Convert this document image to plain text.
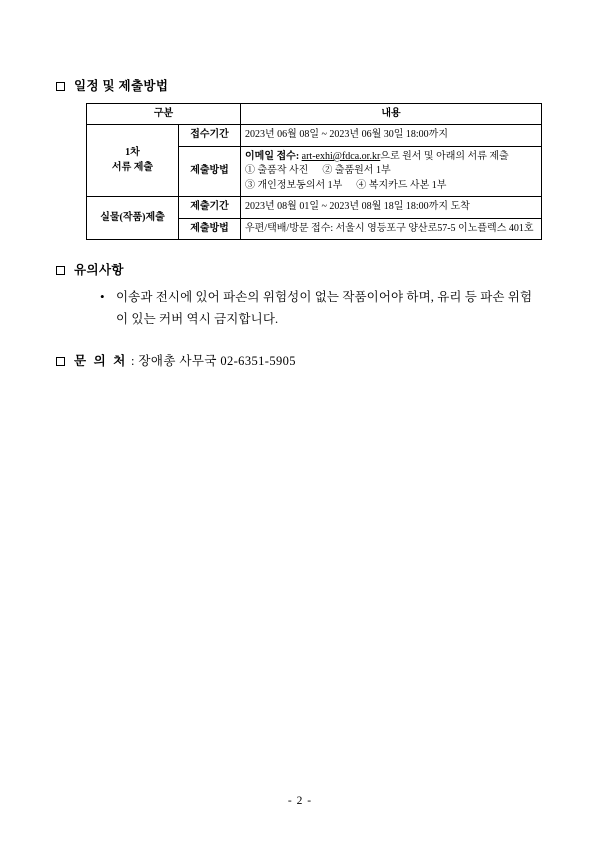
일정 및 제출방법
구분		내용

1차
서류 제출	접수기간	2023년 06월 08일 ~ 2023년 06월 30일 18:00까지
	제출방법	이메일 접수: art-exhi@fdca.or.kr으로 원서 및 아래의 서류 제출
① 출품작 사진 ② 출품원서 1부
③ 개인정보동의서 1부 ④ 복지카드 사본 1부

실물(작품)제출	제출기간	2023년 08월 01일 ~ 2023년 08월 18일 18:00까지 도착
	제출방법	우편/택배/방문 접수: 서울시 영등포구 양산로57-5 이노플렉스 401호
유의사항
• 이송과 전시에 있어 파손의 위험성이 없는 작품이어야 하며, 유리 등 파손 위험이 있는 커버 역시 금지합니다.
문 의 처 : 장애총 사무국 02-6351-5905
- 2 -
